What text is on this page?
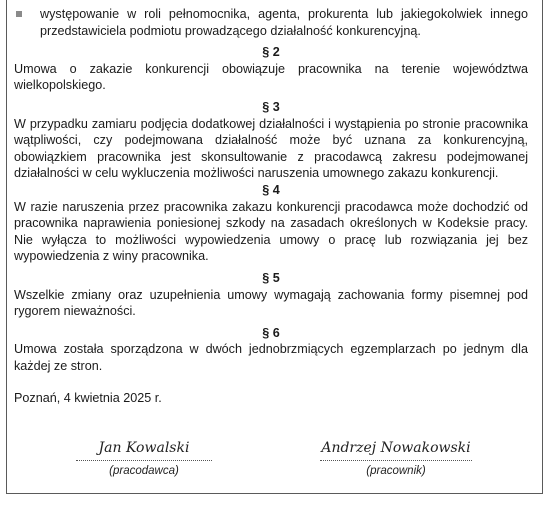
występowanie w roli pełnomocnika, agenta, prokurenta lub jakiegokolwiek innego przedstawiciela podmiotu prowadzącego działalność konkurencyjną.
§ 2
Umowa o zakazie konkurencji obowiązuje pracownika na terenie województwa wielkopolskiego.
§ 3
W przypadku zamiaru podjęcia dodatkowej działalności i wystąpienia po stronie pracownika wątpliwości, czy podejmowana działalność może być uznana za konkurencyjną, obowiązkiem pracownika jest skonsultowanie z pracodawcą zakresu podejmowanej działalności w celu wykluczenia możliwości naruszenia umownego zakazu konkurencji.
§ 4
W razie naruszenia przez pracownika zakazu konkurencji pracodawca może dochodzić od pracownika naprawienia poniesionej szkody na zasadach określonych w Kodeksie pracy. Nie wyłącza to możliwości wypowiedzenia umowy o pracę lub rozwiązania jej bez wypowiedzenia z winy pracownika.
§ 5
Wszelkie zmiany oraz uzupełnienia umowy wymagają zachowania formy pisemnej pod rygorem nieważności.
§ 6
Umowa została sporządzona w dwóch jednobrzmiących egzemplarzach po jednym dla każdej ze stron.
Poznań, 4 kwietnia 2025 r.
Jan Kowalski
(pracodawca)
Andrzej Nowakowski
(pracownik)
